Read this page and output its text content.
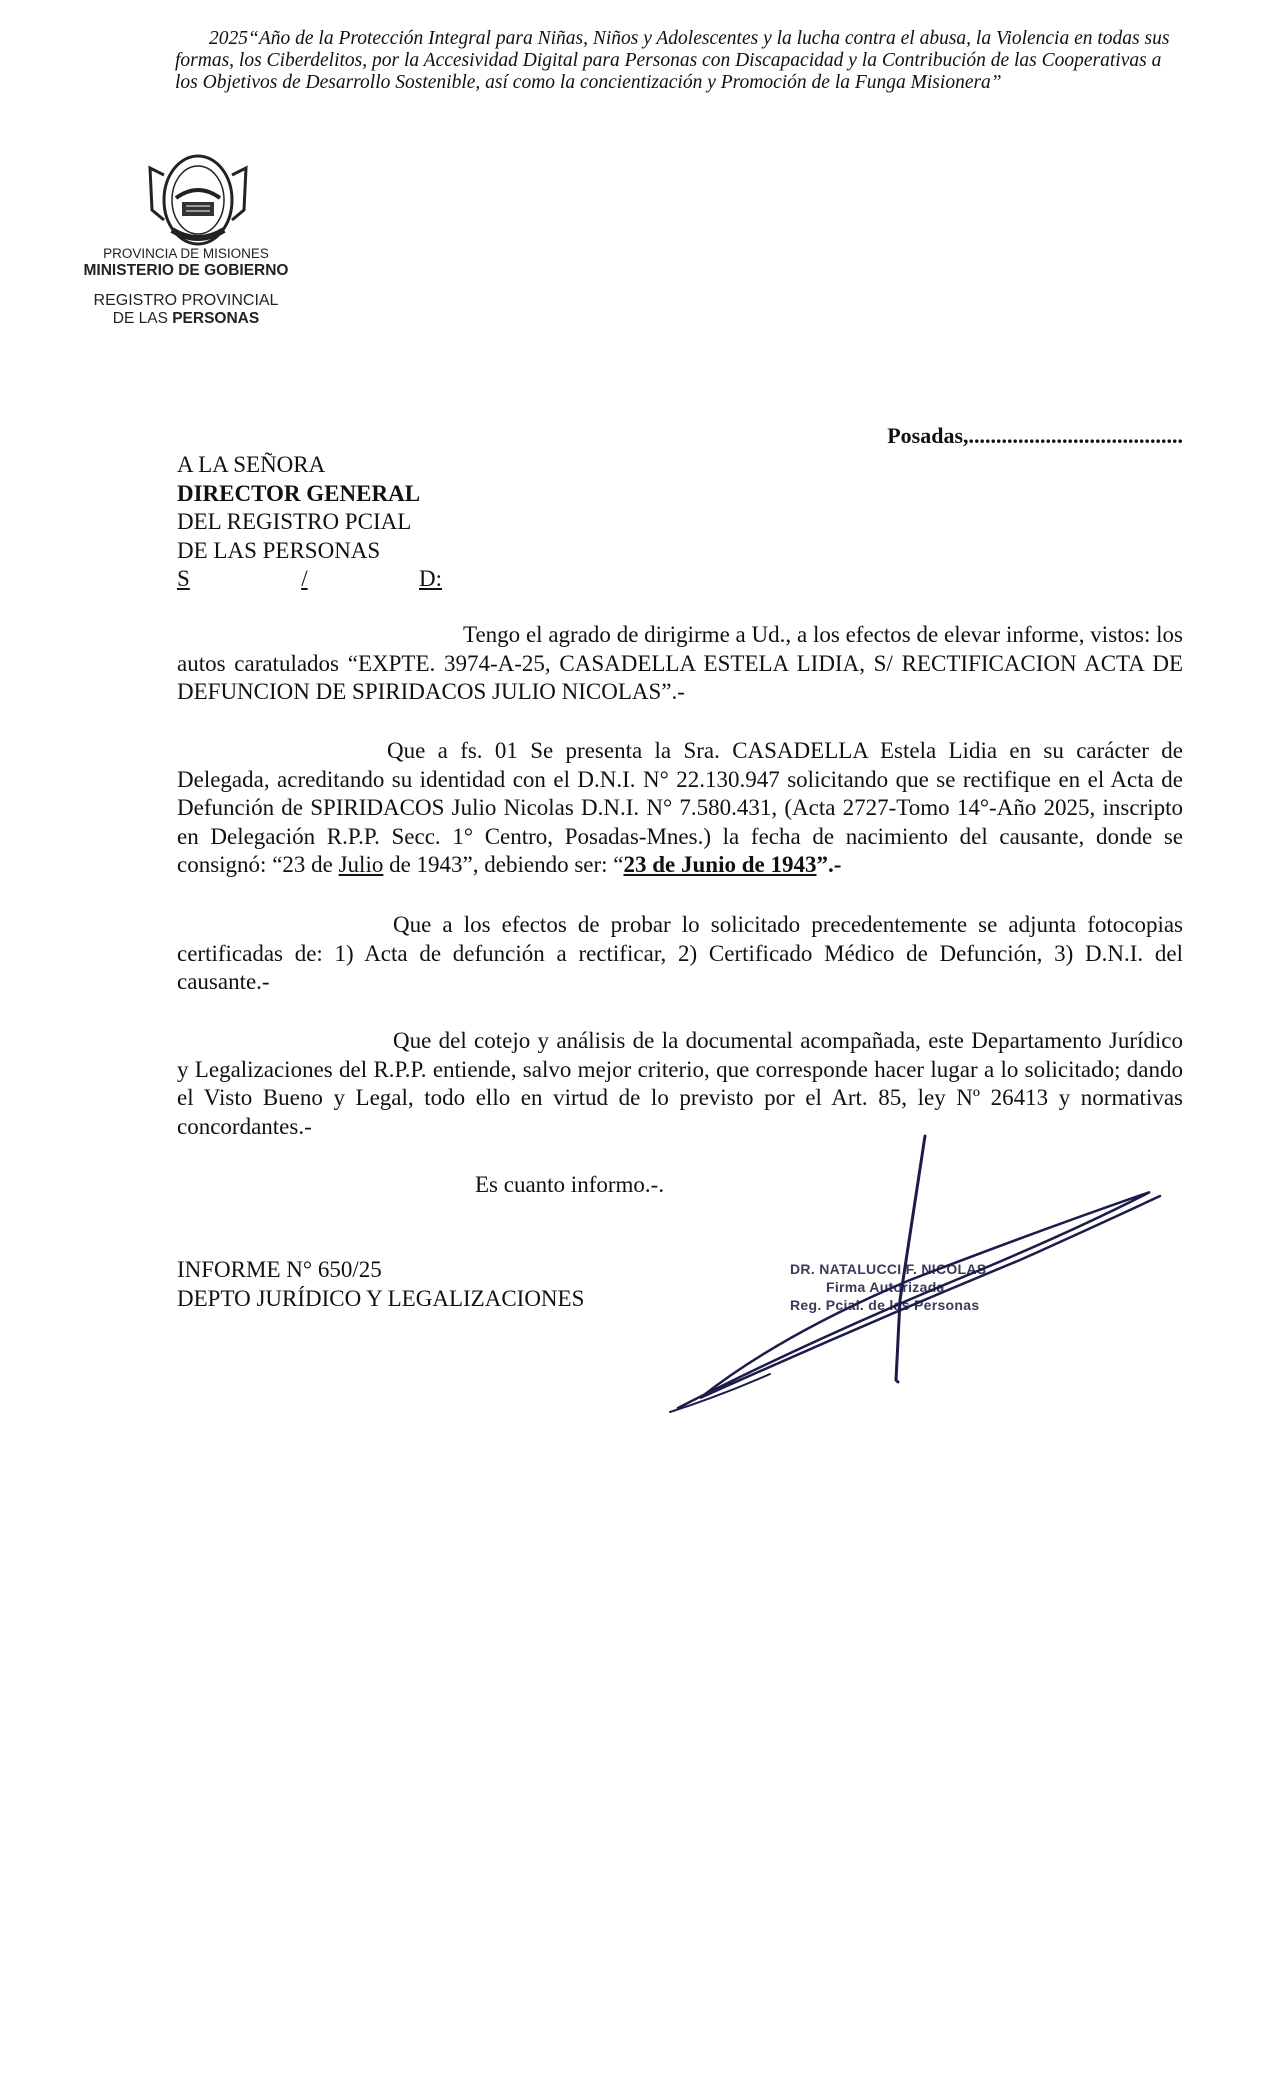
2025“Año de la Protección Integral para Niñas, Niños y Adolescentes y la lucha contra el abusa, la Violencia en todas sus formas, los Ciberdelitos, por la Accesividad Digital para Personas con Discapacidad y la Contribución de las Cooperativas a los Objetivos de Desarrollo Sostenible, así como la concientización y Promoción de la Funga Misionera”
PROVINCIA DE MISIONES
MINISTERIO DE GOBIERNO
REGISTRO PROVINCIAL
DE LAS PERSONAS
Posadas,.......................................
A LA SEÑORA
DIRECTOR GENERAL
DEL REGISTRO PCIAL
DE LAS PERSONAS
S	/	D:

Tengo el agrado de dirigirme a Ud., a los efectos de elevar informe, vistos: los autos caratulados “EXPTE. 3974-A-25, CASADELLA ESTELA LIDIA, S/ RECTIFICACION ACTA DE DEFUNCION DE SPIRIDACOS JULIO NICOLAS”.-

Que a fs. 01 Se presenta la Sra. CASADELLA Estela Lidia en su carácter de Delegada, acreditando su identidad con el D.N.I. N° 22.130.947 solicitando que se rectifique en el Acta de Defunción de SPIRIDACOS Julio Nicolas D.N.I. N° 7.580.431, (Acta 2727-Tomo 14°-Año 2025, inscripto en Delegación R.P.P. Secc. 1° Centro, Posadas-Mnes.) la fecha de nacimiento del causante, donde se consignó: “23 de Julio de 1943”, debiendo ser: “23 de Junio de 1943”.-

Que a los efectos de probar lo solicitado precedentemente se adjunta fotocopias certificadas de: 1) Acta de defunción a rectificar, 2) Certificado Médico de Defunción, 3) D.N.I. del causante.-

Que del cotejo y análisis de la documental acompañada, este Departamento Jurídico y Legalizaciones del R.P.P. entiende, salvo mejor criterio, que corresponde hacer lugar a lo solicitado; dando el Visto Bueno y Legal, todo ello en virtud de lo previsto por el Art. 85, ley Nº 26413 y normativas concordantes.-

Es cuanto informo.-.

INFORME N° 650/25

DEPTO JURÍDICO Y LEGALIZACIONES

DR. NATALUCCI F. NICOLAS
Firma Autorizada
Reg. Pcial. de las Personas
